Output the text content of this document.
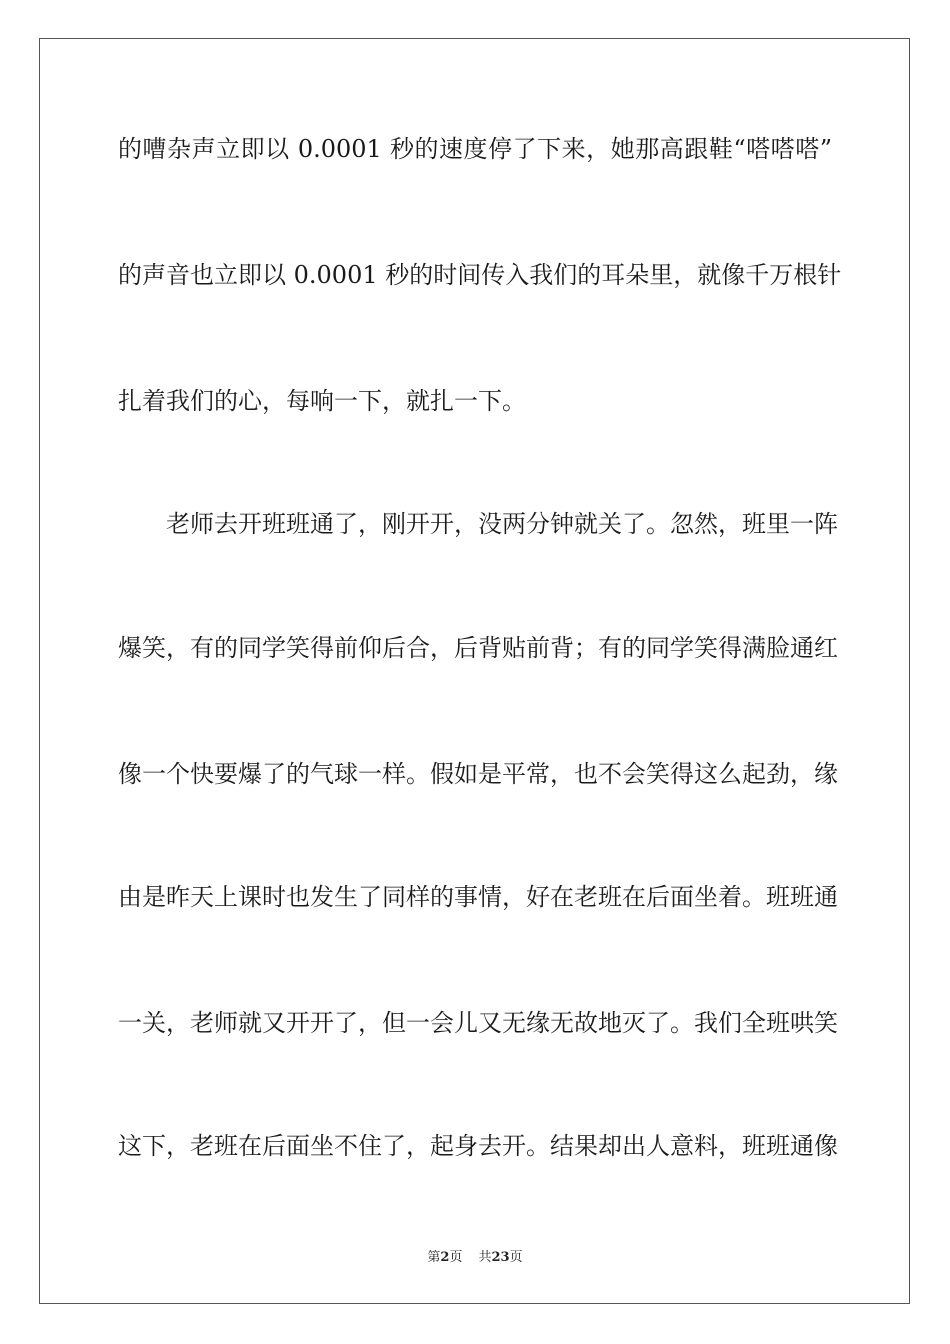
的嘈杂声立即以 0.0001 秒的速度停了下来，她那高跟鞋“嗒嗒嗒”
的声音也立即以 0.0001 秒的时间传入我们的耳朵里，就像千万根针
扎着我们的心，每响一下，就扎一下。
老师去开班班通了，刚开开，没两分钟就关了。忽然，班里一阵
爆笑，有的同学笑得前仰后合，后背贴前背；有的同学笑得满脸通红
像一个快要爆了的气球一样。假如是平常，也不会笑得这么起劲，缘
由是昨天上课时也发生了同样的事情，好在老班在后面坐着。班班通
一关，老师就又开开了，但一会儿又无缘无故地灭了。我们全班哄笑
这下，老班在后面坐不住了，起身去开。结果却出人意料，班班通像
第2页 共23页
